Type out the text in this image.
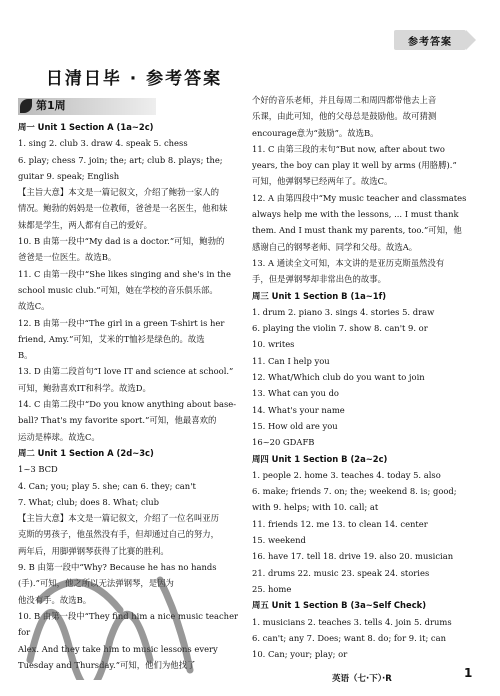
参考答案
日清日毕 · 参考答案
第1周

周一 Unit 1 Section A (1a~2c)

1. sing 2. club 3. draw 4. speak 5. chess

6. play; chess 7. join; the; art; club 8. plays; the;

guitar 9. speak; English

【主旨大意】本文是一篇记叙文，介绍了鲍勃一家人的

情况。鲍勃的妈妈是一位教师，爸爸是一名医生，他和妹

妹都是学生，两人都有自己的爱好。

10. B 由第一段中“My dad is a doctor.”可知，鲍勃的

爸爸是一位医生。故选B。

11. C 由第一段中“She likes singing and she's in the

school music club.”可知，她在学校的音乐俱乐部。

故选C。

12. B 由第一段中“The girl in a green T-shirt is her

friend, Amy.”可知，艾米的T恤衫是绿色的。故选

B。

13. D 由第二段首句“I love IT and science at school.”

可知，鲍勃喜欢IT和科学。故选D。

14. C 由第二段中“Do you know anything about base-

ball? That's my favorite sport.”可知，他最喜欢的

运动是棒球。故选C。

周二 Unit 1 Section A (2d~3c)

1~3 BCD

4. Can; you; play 5. she; can 6. they; can't

7. What; club; does 8. What; club

【主旨大意】本文是一篇记叙文，介绍了一位名叫亚历

克斯的男孩子，他虽然没有手，但却通过自己的努力，

两年后，用脚弹钢琴获得了比赛的胜利。

9. B 由第一段中“Why? Because he has no hands

(手).”可知，他之所以无法弹钢琴，是因为

他没有手。故选B。

10. B 由第一段中“They find him a nice music teacher for

Alex. And they take him to music lessons every

Tuesday and Thursday.”可知，他们为他找了

个好的音乐老师，并且每周二和周四都带他去上音

乐课，由此可知，他的父母总是鼓励他。故可猜测

encourage意为“鼓励”。故选B。

11. C 由第三段的末句“But now, after about two

years, the boy can play it well by arms (用胳膊).”

可知，他弹钢琴已经两年了。故选C。

12. A 由第四段中“My music teacher and classmates

always help me with the lessons, ... I must thank

them. And I must thank my parents, too.”可知，他

感谢自己的钢琴老师、同学和父母。故选A。

13. A 通读全文可知，本文讲的是亚历克斯虽然没有

手，但是弹钢琴却非常出色的故事。

周三 Unit 1 Section B (1a~1f)

1. drum 2. piano 3. sings 4. stories 5. draw

6. playing the violin 7. show 8. can't 9. or

10. writes

11. Can I help you

12. What/Which club do you want to join

13. What can you do

14. What's your name

15. How old are you

16~20 GDAFB

周四 Unit 1 Section B (2a~2c)

1. people 2. home 3. teaches 4. today 5. also

6. make; friends 7. on; the; weekend 8. is; good;

with 9. helps; with 10. call; at

11. friends 12. me 13. to clean 14. center

15. weekend

16. have 17. tell 18. drive 19. also 20. musician

21. drums 22. music 23. speak 24. stories

25. home

周五 Unit 1 Section B (3a~Self Check)

1. musicians 2. teaches 3. tells 4. join 5. drums

6. can't; any 7. Does; want 8. do; for 9. it; can

10. Can; your; play; or

英语（七·下）·R	1
